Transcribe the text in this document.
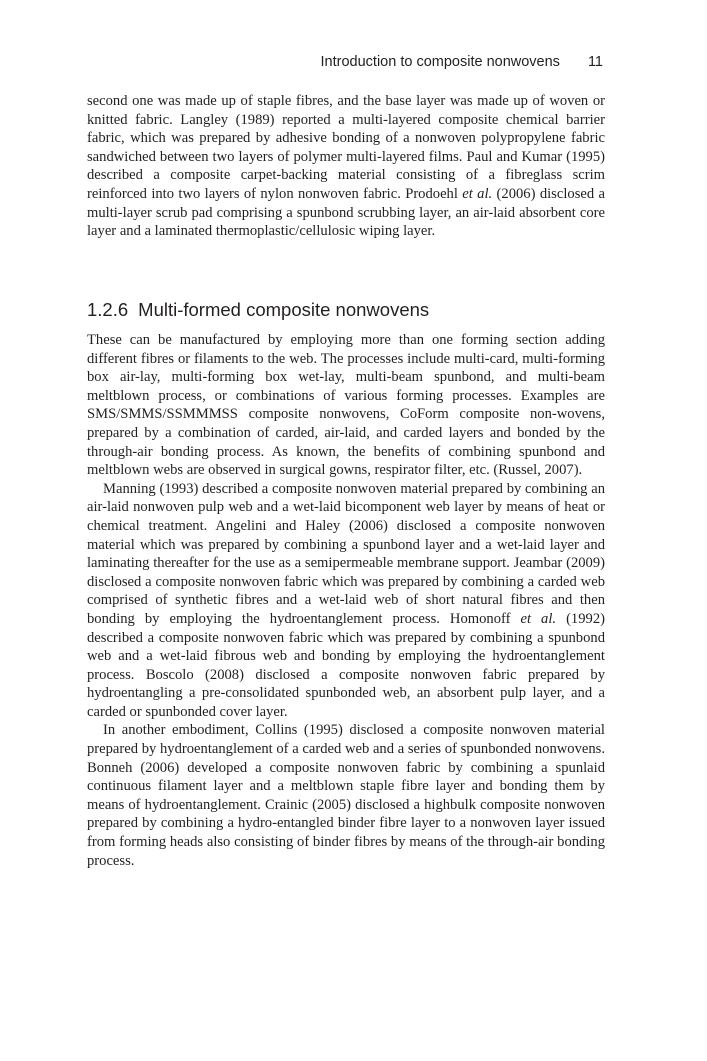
Introduction to composite nonwovens 11

second one was made up of staple fibres, and the base layer was made up of woven or knitted fabric. Langley (1989) reported a multi-layered composite chemical barrier fabric, which was prepared by adhesive bonding of a nonwoven polypropylene fabric sandwiched between two layers of polymer multi-layered films. Paul and Kumar (1995) described a composite carpet-backing material consisting of a fibreglass scrim reinforced into two layers of nylon nonwoven fabric. Prodoehl et al. (2006) disclosed a multi-layer scrub pad comprising a spunbond scrubbing layer, an air-laid absorbent core layer and a laminated thermoplastic/cellulosic wiping layer.

1.2.6 Multi-formed composite nonwovens

These can be manufactured by employing more than one forming section adding different fibres or filaments to the web. The processes include multi-card, multi-forming box air-lay, multi-forming box wet-lay, multi-beam spunbond, and multi-beam meltblown process, or combinations of various forming processes. Examples are SMS/SMMS/SSMMMSS composite nonwovens, CoForm composite non-wovens, prepared by a combination of carded, air-laid, and carded layers and bonded by the through-air bonding process. As known, the benefits of combining spunbond and meltblown webs are observed in surgical gowns, respirator filter, etc. (Russel, 2007).

Manning (1993) described a composite nonwoven material prepared by combining an air-laid nonwoven pulp web and a wet-laid bicomponent web layer by means of heat or chemical treatment. Angelini and Haley (2006) disclosed a composite nonwoven material which was prepared by combining a spunbond layer and a wet-laid layer and laminating thereafter for the use as a semipermeable membrane support. Jeambar (2009) disclosed a composite nonwoven fabric which was prepared by combining a carded web comprised of synthetic fibres and a wet-laid web of short natural fibres and then bonding by employing the hydroentanglement process. Homonoff et al. (1992) described a composite nonwoven fabric which was prepared by combining a spunbond web and a wet-laid fibrous web and bonding by employing the hydroentanglement process. Boscolo (2008) disclosed a composite nonwoven fabric prepared by hydroentangling a pre-consolidated spunbonded web, an absorbent pulp layer, and a carded or spunbonded cover layer.

In another embodiment, Collins (1995) disclosed a composite nonwoven material prepared by hydroentanglement of a carded web and a series of spunbonded nonwovens. Bonneh (2006) developed a composite nonwoven fabric by combining a spunlaid continuous filament layer and a meltblown staple fibre layer and bonding them by means of hydroentanglement. Crainic (2005) disclosed a highbulk composite nonwoven prepared by combining a hydro-entangled binder fibre layer to a nonwoven layer issued from forming heads also consisting of binder fibres by means of the through-air bonding process.
